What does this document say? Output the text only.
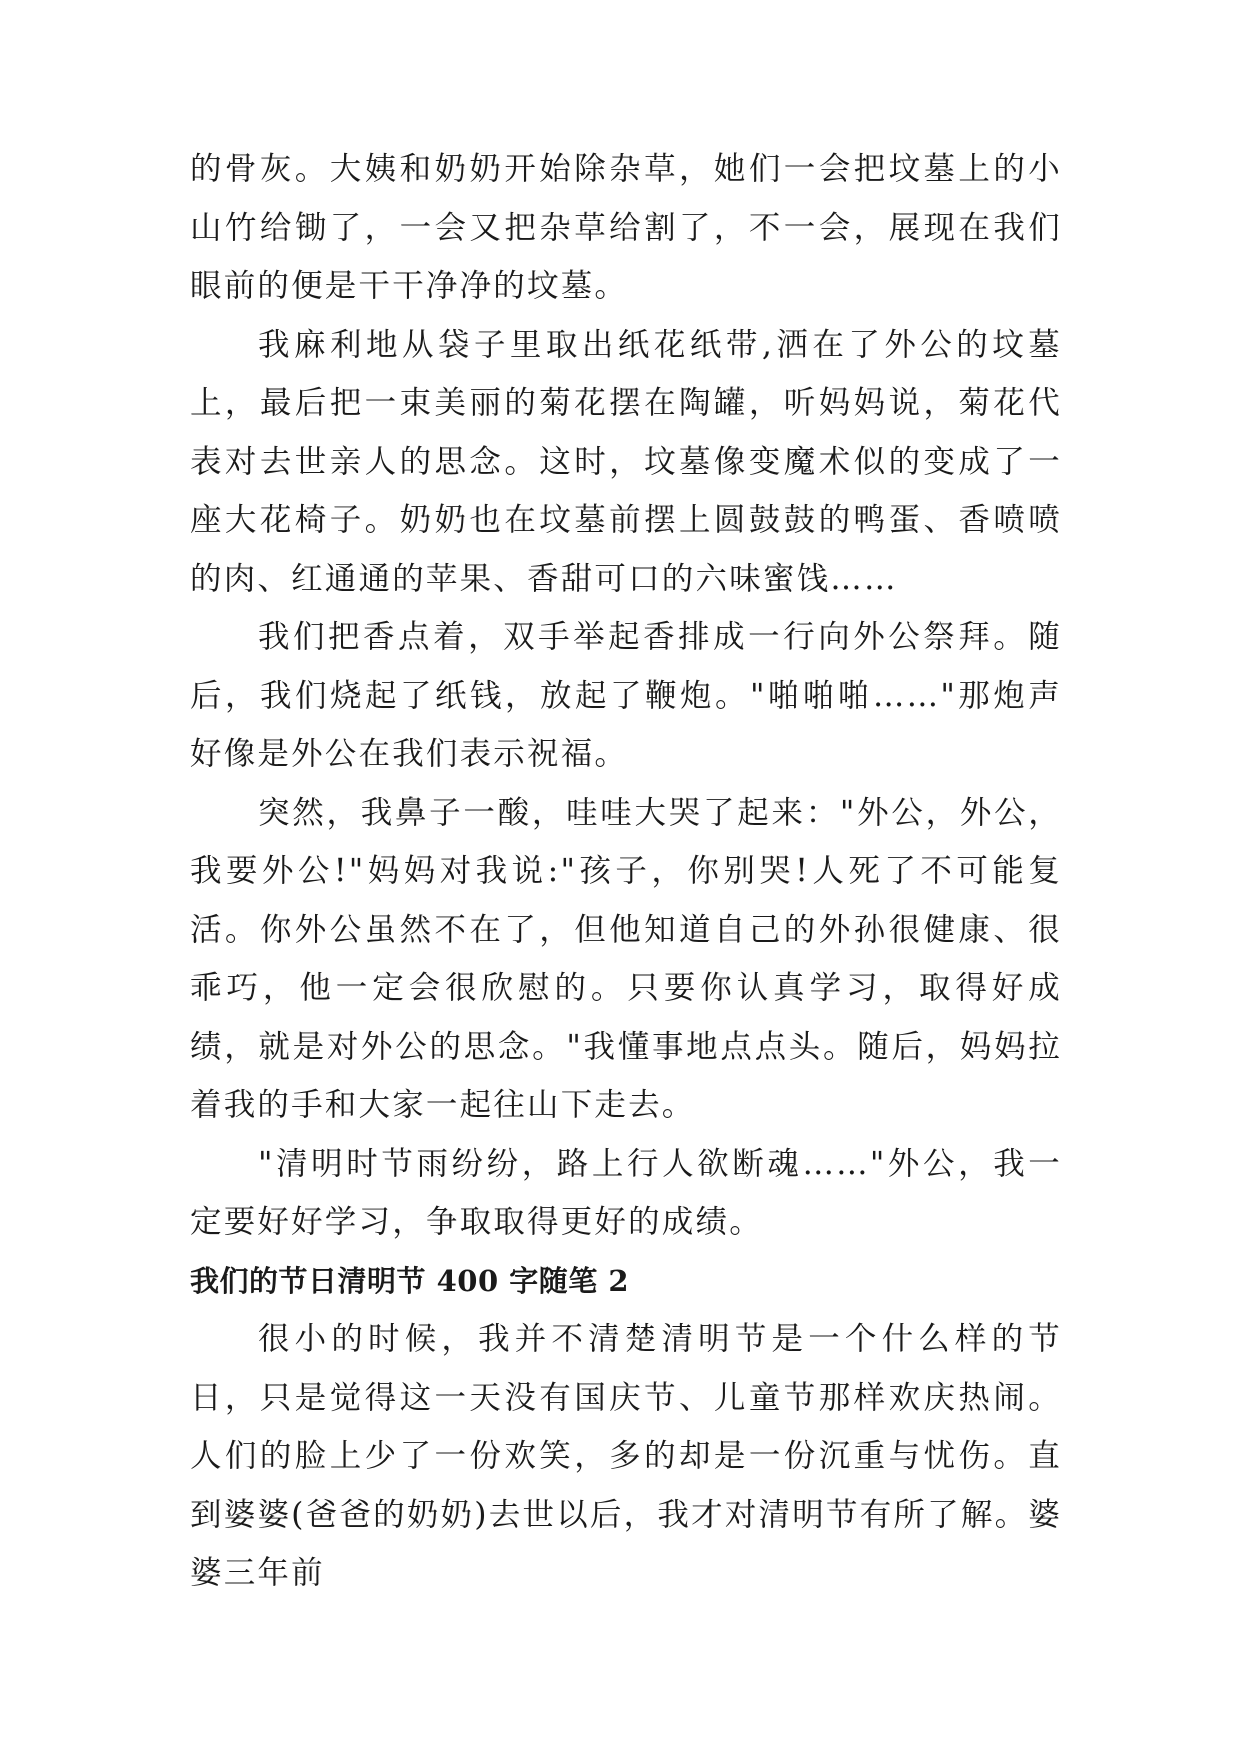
的骨灰。大姨和奶奶开始除杂草，她们一会把坟墓上的小山竹给锄了，一会又把杂草给割了，不一会，展现在我们眼前的便是干干净净的坟墓。

我麻利地从袋子里取出纸花纸带,洒在了外公的坟墓上，最后把一束美丽的菊花摆在陶罐，听妈妈说，菊花代表对去世亲人的思念。这时，坟墓像变魔术似的变成了一座大花椅子。奶奶也在坟墓前摆上圆鼓鼓的鸭蛋、香喷喷的肉、红通通的苹果、香甜可口的六味蜜饯……

我们把香点着，双手举起香排成一行向外公祭拜。随后，我们烧起了纸钱，放起了鞭炮。"啪啪啪……"那炮声好像是外公在我们表示祝福。

突然，我鼻子一酸，哇哇大哭了起来："外公，外公，我要外公!"妈妈对我说:"孩子，你别哭!人死了不可能复活。你外公虽然不在了，但他知道自己的外孙很健康、很乖巧，他一定会很欣慰的。只要你认真学习，取得好成绩，就是对外公的思念。"我懂事地点点头。随后，妈妈拉着我的手和大家一起往山下走去。

"清明时节雨纷纷，路上行人欲断魂……"外公，我一定要好好学习，争取取得更好的成绩。

我们的节日清明节 400 字随笔 2

很小的时候，我并不清楚清明节是一个什么样的节日，只是觉得这一天没有国庆节、儿童节那样欢庆热闹。人们的脸上少了一份欢笑，多的却是一份沉重与忧伤。直到婆婆(爸爸的奶奶)去世以后，我才对清明节有所了解。婆婆三年前
